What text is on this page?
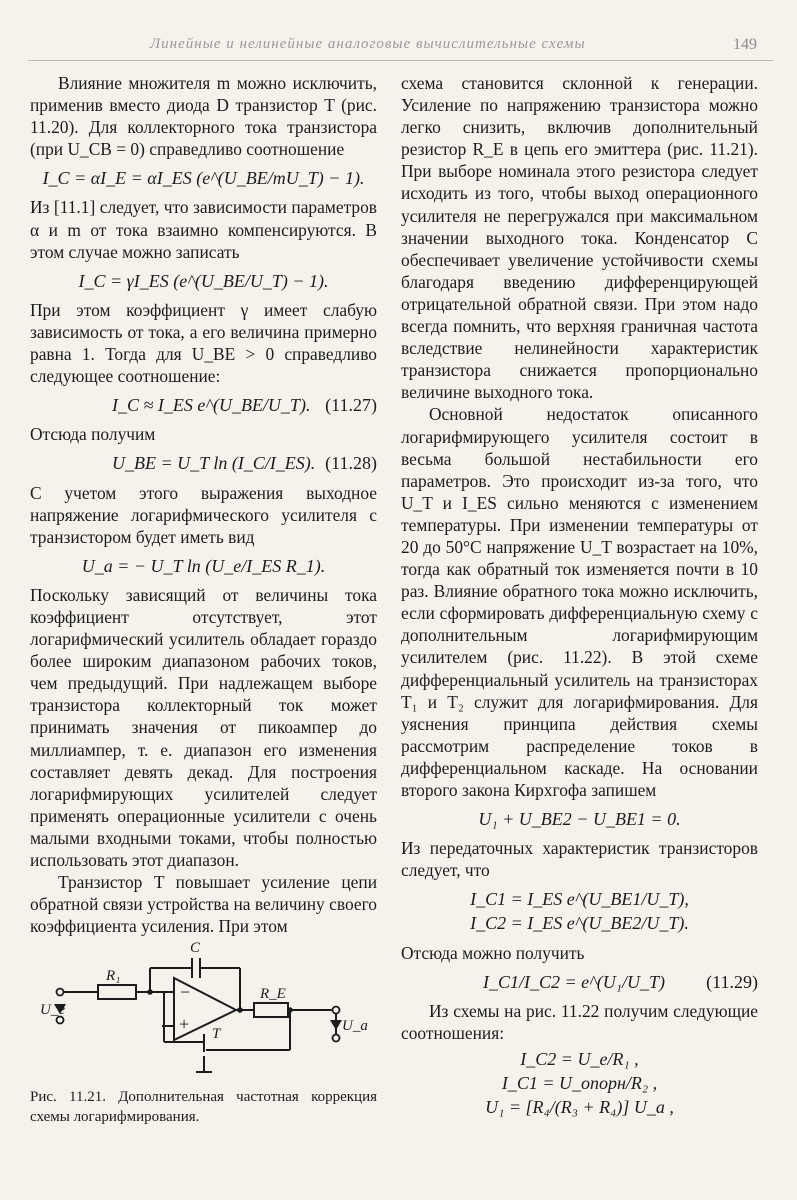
Линейные и нелинейные аналоговые вычислительные схемы	149

Влияние множителя m можно исключить, применив вместо диода D транзистор T (рис. 11.20). Для коллекторного тока транзистора (при U_CB = 0) справедливо соотношение

I_C = αI_E = αI_ES (e^(U_BE/mU_T) − 1).

Из [11.1] следует, что зависимости параметров α и m от тока взаимно компенсируются. В этом случае можно записать

I_C = γI_ES (e^(U_BE/U_T) − 1).

При этом коэффициент γ имеет слабую зависимость от тока, а его величина примерно равна 1. Тогда для U_BE > 0 справедливо следующее соотношение:

I_C ≈ I_ES e^(U_BE/U_T). (11.27)

Отсюда получим

U_BE = U_T ln (I_C/I_ES). (11.28)

С учетом этого выражения выходное напряжение логарифмического усилителя с транзистором будет иметь вид

U_a = − U_T ln (U_e/I_ES R_1).

Поскольку зависящий от величины тока коэффициент отсутствует, этот логарифмический усилитель обладает гораздо более широким диапазоном рабочих токов, чем предыдущий. При надлежащем выборе транзистора коллекторный ток может принимать значения от пикоампер до миллиампер, т. е. диапазон его изменения составляет девять декад. Для построения логарифмирующих усилителей следует применять операционные усилители с очень малыми входными токами, чтобы полностью использовать этот диапазон.

Транзистор T повышает усиление цепи обратной связи устройства на величину своего коэффициента усиления. При этом

C
R₁
R_E
U_e
U_a
T
−
+
Рис. 11.21. Дополнительная частотная коррекция схемы логарифмирования.

схема становится склонной к генерации. Усиление по напряжению транзистора можно легко снизить, включив дополнительный резистор R_E в цепь его эмиттера (рис. 11.21). При выборе номинала этого резистора следует исходить из того, чтобы выход операционного усилителя не перегружался при максимальном значении выходного тока. Конденсатор C обеспечивает увеличение устойчивости схемы благодаря введению дифференцирующей отрицательной обратной связи. При этом надо всегда помнить, что верхняя граничная частота вследствие нелинейности характеристик транзистора снижается пропорционально величине выходного тока.

Основной недостаток описанного логарифмирующего усилителя состоит в весьма большой нестабильности его параметров. Это происходит из-за того, что U_T и I_ES сильно меняются с изменением температуры. При изменении температуры от 20 до 50°C напряжение U_T возрастает на 10%, тогда как обратный ток изменяется почти в 10 раз. Влияние обратного тока можно исключить, если сформировать дифференциальную схему с дополнительным логарифмирующим усилителем (рис. 11.22). В этой схеме дифференциальный усилитель на транзисторах T₁ и T₂ служит для логарифмирования. Для уяснения принципа действия схемы рассмотрим распределение токов в дифференциальном каскаде. На основании второго закона Кирхгофа запишем

U₁ + U_BE2 − U_BE1 = 0.

Из передаточных характеристик транзисторов следует, что

I_C1 = I_ES e^(U_BE1/U_T),
I_C2 = I_ES e^(U_BE2/U_T).

Отсюда можно получить

I_C1/I_C2 = e^(U₁/U_T) (11.29)

Из схемы на рис. 11.22 получим следующие соотношения:

I_C2 = U_e/R₁ ,
I_C1 = U_опорн/R₂ ,
U₁ = [R₄/(R₃ + R₄)] U_a ,
